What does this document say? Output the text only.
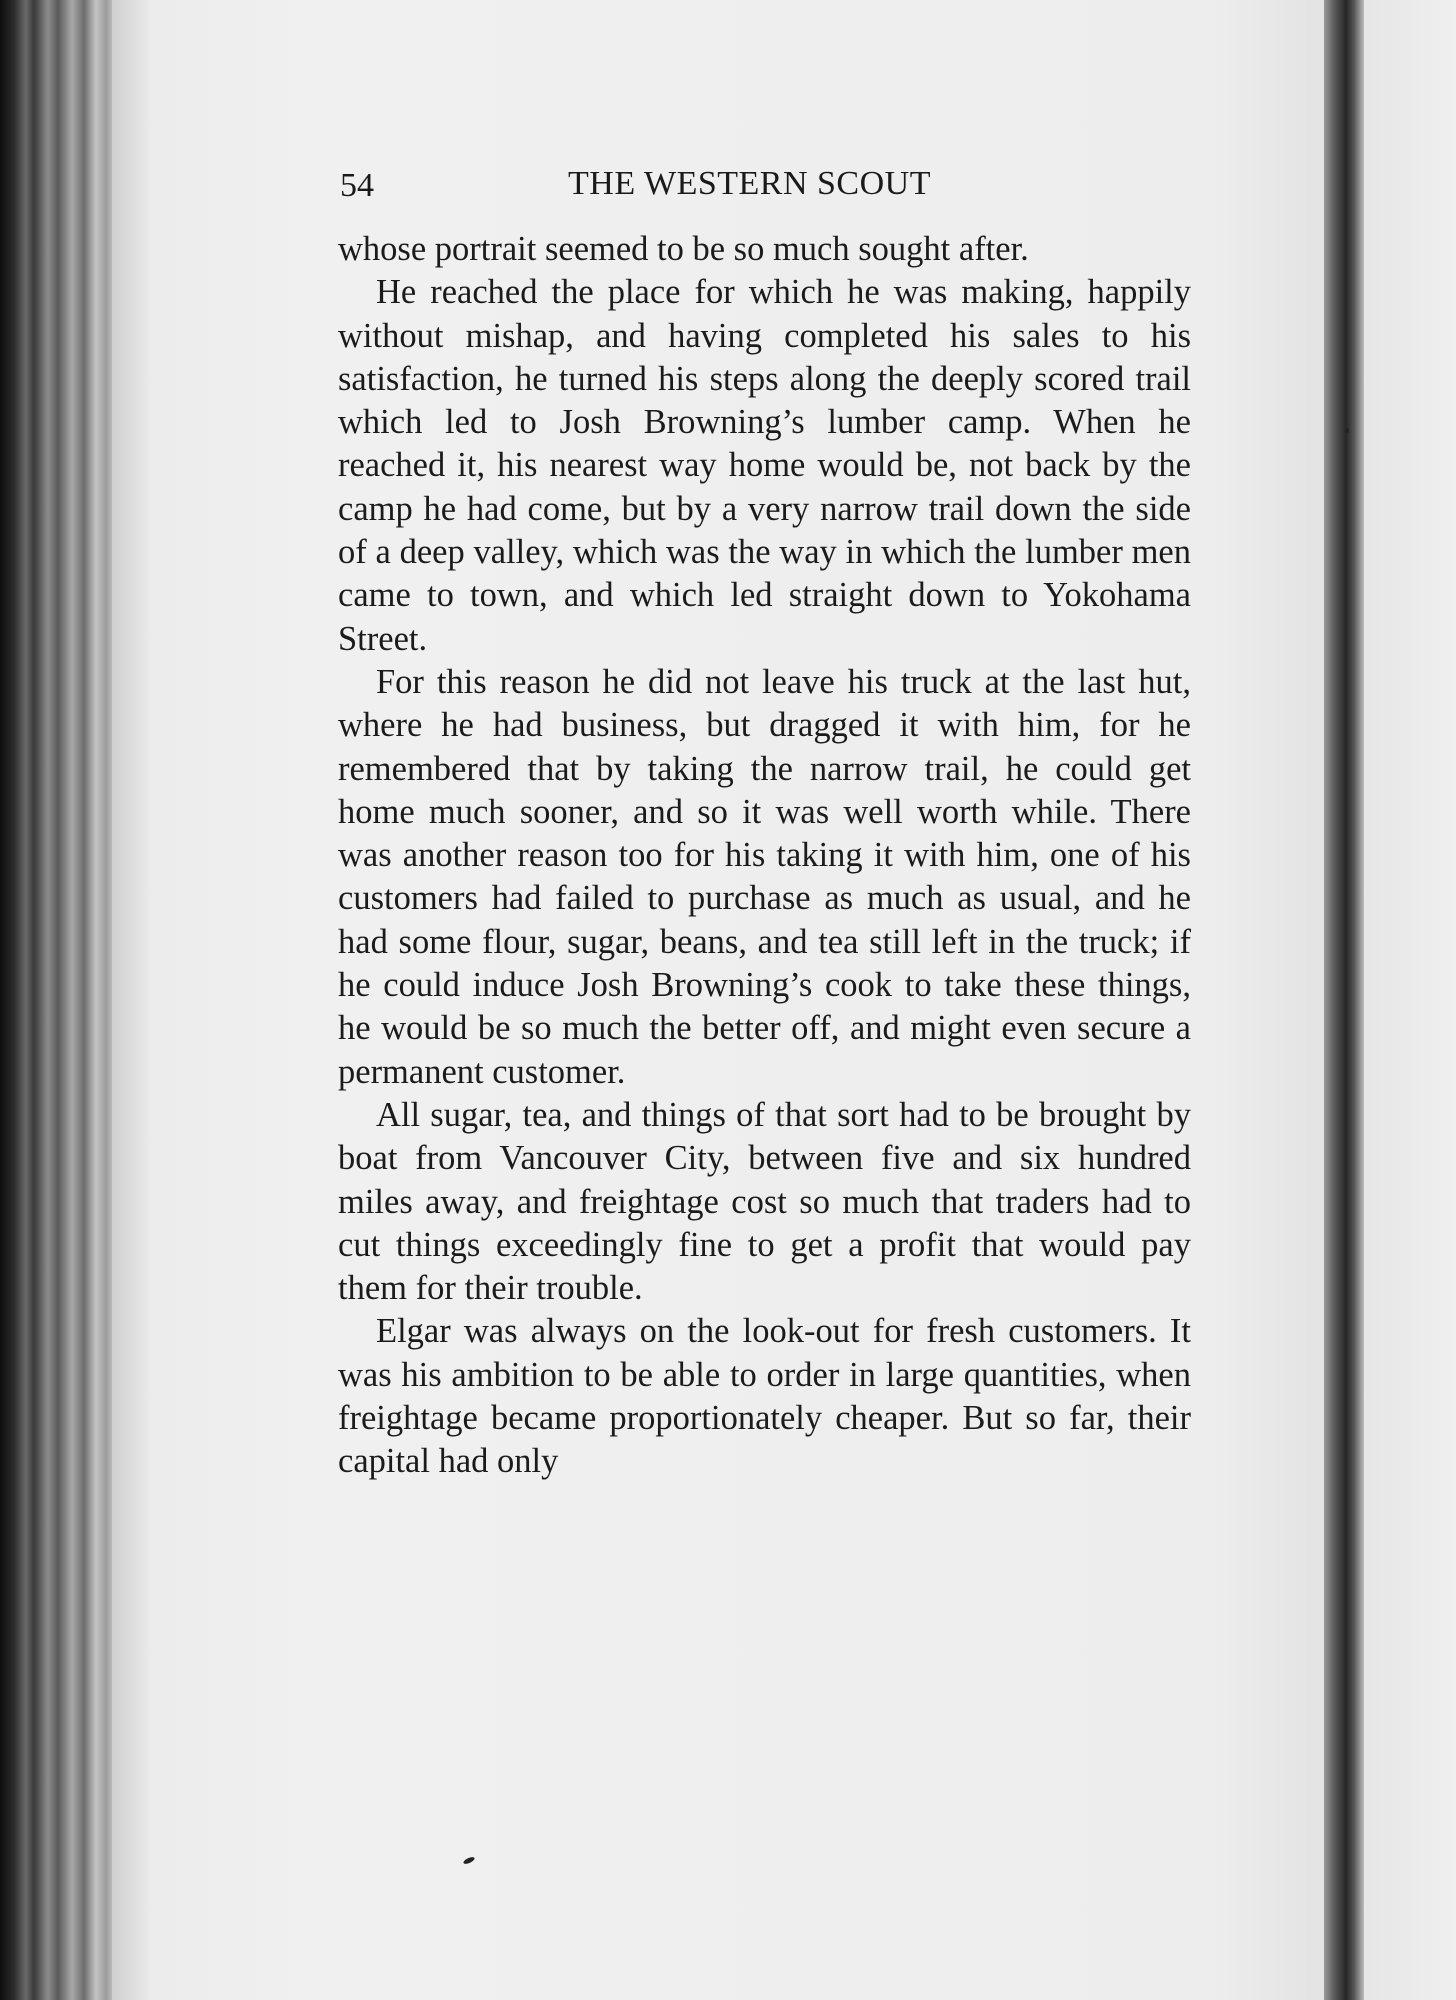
54	THE WESTERN SCOUT

whose portrait seemed to be so much sought after.

He reached the place for which he was making, happily without mishap, and having completed his sales to his satisfaction, he turned his steps along the deeply scored trail which led to Josh Browning’s lumber camp. When he reached it, his nearest way home would be, not back by the camp he had come, but by a very narrow trail down the side of a deep valley, which was the way in which the lumber men came to town, and which led straight down to Yokohama Street.

For this reason he did not leave his truck at the last hut, where he had business, but dragged it with him, for he remembered that by taking the narrow trail, he could get home much sooner, and so it was well worth while. There was another reason too for his taking it with him, one of his customers had failed to purchase as much as usual, and he had some flour, sugar, beans, and tea still left in the truck; if he could induce Josh Browning’s cook to take these things, he would be so much the better off, and might even secure a permanent customer.

All sugar, tea, and things of that sort had to be brought by boat from Vancouver City, between five and six hundred miles away, and freightage cost so much that traders had to cut things exceedingly fine to get a profit that would pay them for their trouble.

Elgar was always on the look-out for fresh customers. It was his ambition to be able to order in large quantities, when freightage became proportionately cheaper. But so far, their capital had only
